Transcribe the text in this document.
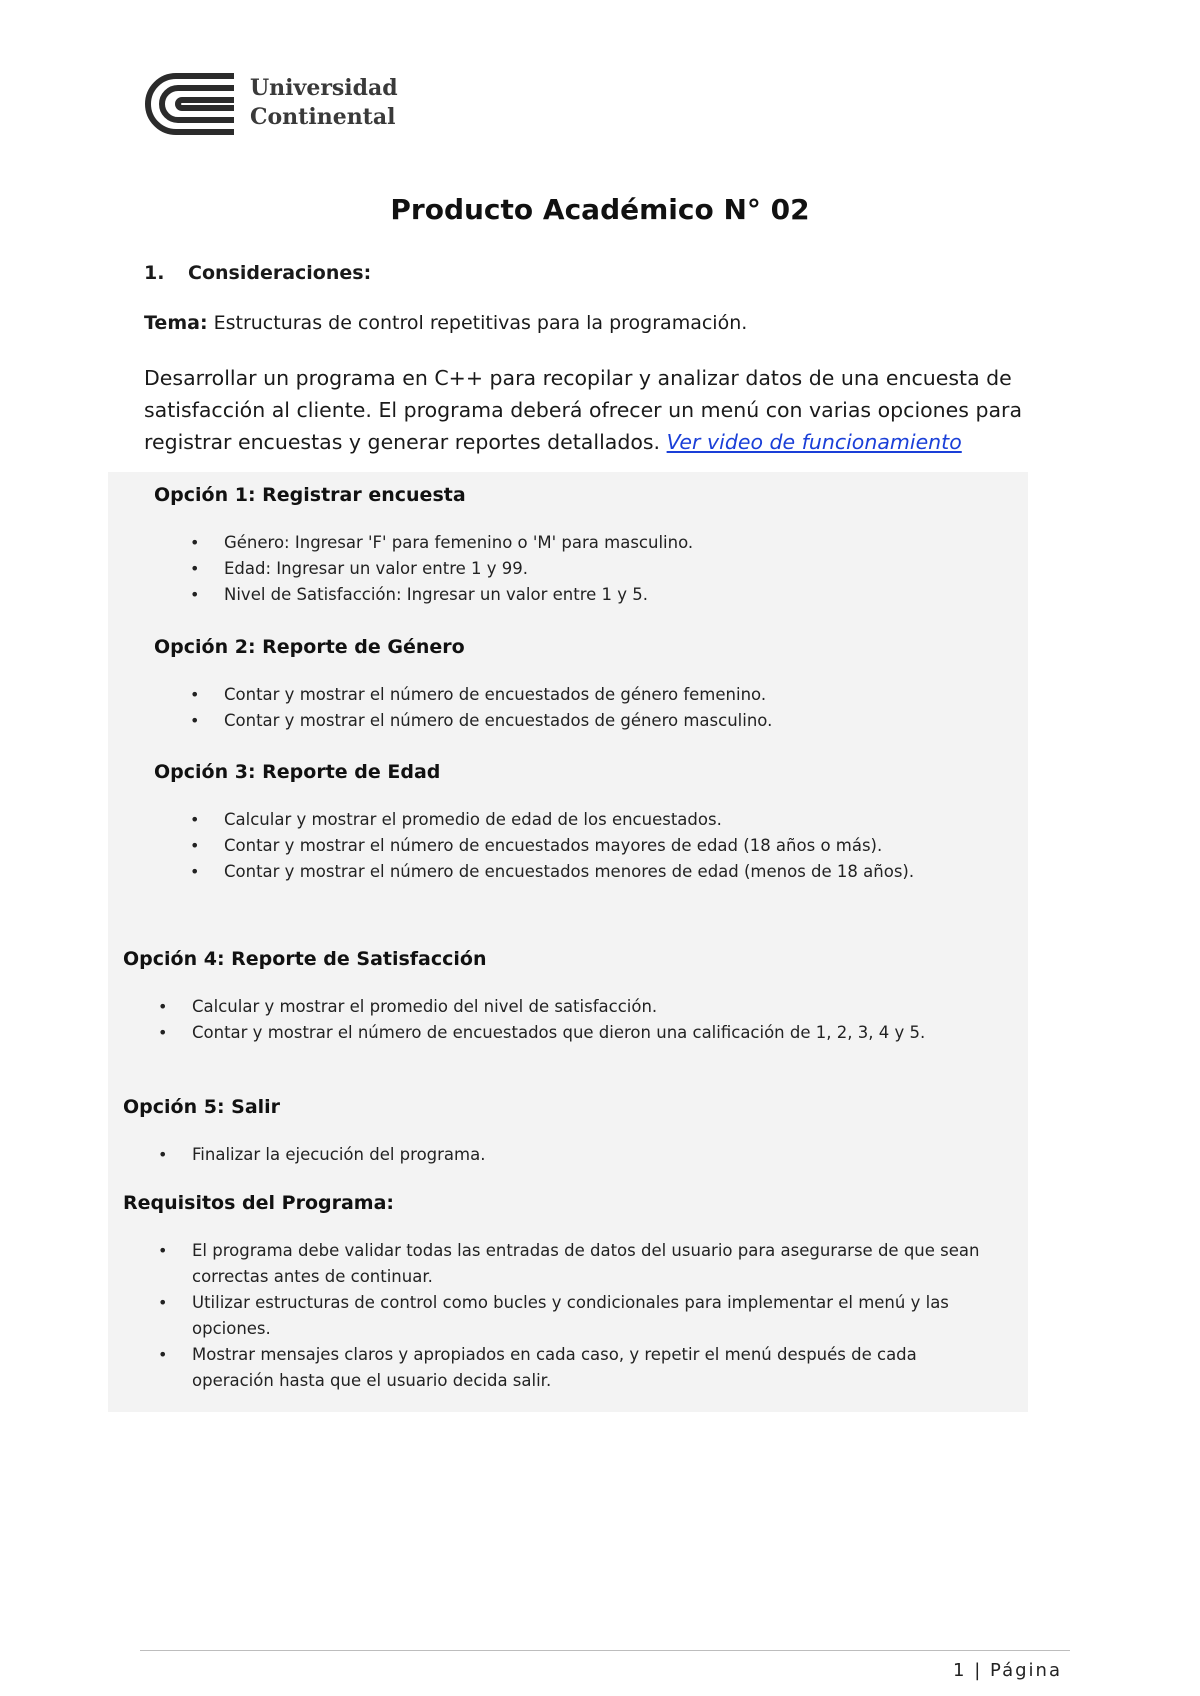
Universidad
Continental
Producto Académico N° 02
1. Consideraciones:
Tema: Estructuras de control repetitivas para la programación.
Desarrollar un programa en C++ para recopilar y analizar datos de una encuesta de satisfacción al cliente. El programa deberá ofrecer un menú con varias opciones para registrar encuestas y generar reportes detallados. Ver video de funcionamiento
Opción 1: Registrar encuesta
• Género: Ingresar 'F' para femenino o 'M' para masculino.
• Edad: Ingresar un valor entre 1 y 99.
• Nivel de Satisfacción: Ingresar un valor entre 1 y 5.
Opción 2: Reporte de Género
• Contar y mostrar el número de encuestados de género femenino.
• Contar y mostrar el número de encuestados de género masculino.
Opción 3: Reporte de Edad
• Calcular y mostrar el promedio de edad de los encuestados.
• Contar y mostrar el número de encuestados mayores de edad (18 años o más).
• Contar y mostrar el número de encuestados menores de edad (menos de 18 años).
Opción 4: Reporte de Satisfacción
• Calcular y mostrar el promedio del nivel de satisfacción.
• Contar y mostrar el número de encuestados que dieron una calificación de 1, 2, 3, 4 y 5.
Opción 5: Salir
• Finalizar la ejecución del programa.
Requisitos del Programa:
• El programa debe validar todas las entradas de datos del usuario para asegurarse de que sean correctas antes de continuar.
• Utilizar estructuras de control como bucles y condicionales para implementar el menú y las opciones.
• Mostrar mensajes claros y apropiados en cada caso, y repetir el menú después de cada operación hasta que el usuario decida salir.
1 | Página
